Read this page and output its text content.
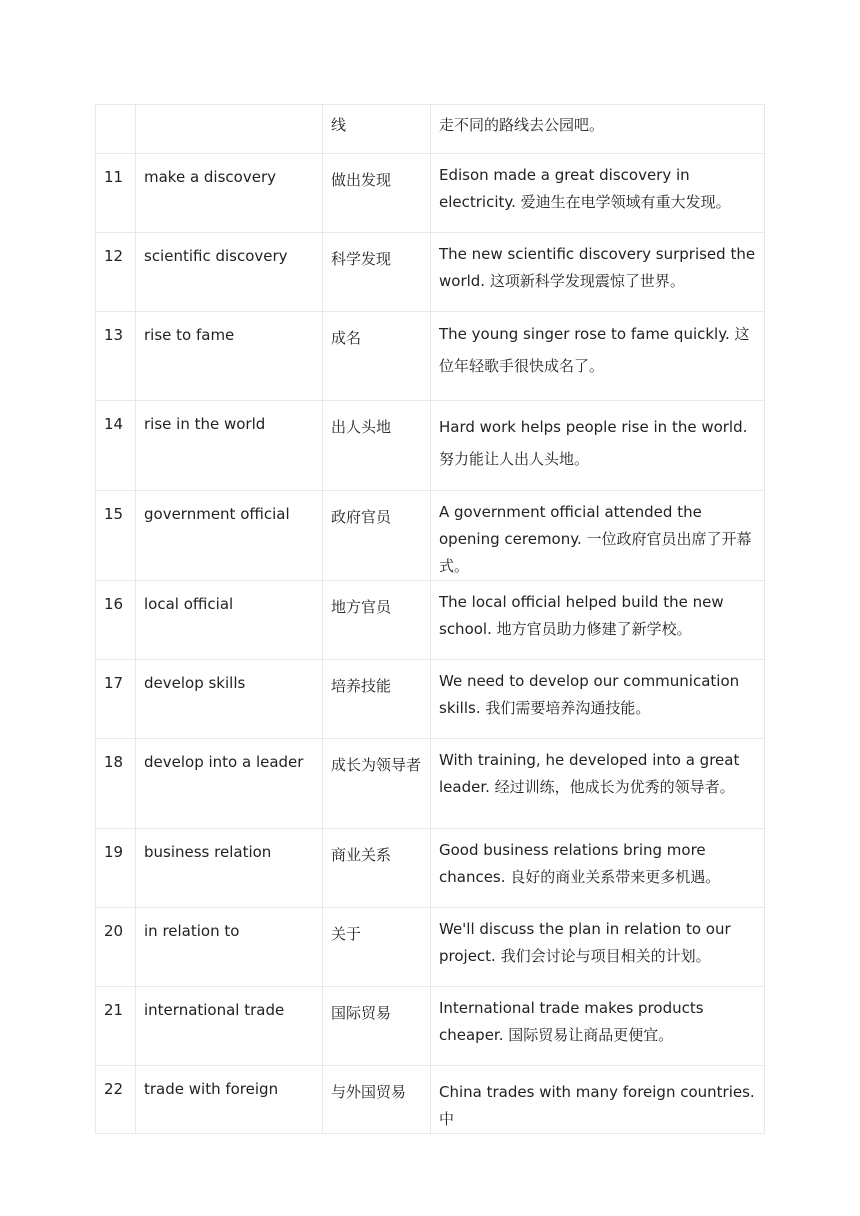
		线	走不同的路线去公园吧。
11	make a discovery	做出发现	Edison made a great discovery in electricity. 爱迪生在电学领域有重大发现。
12	scientific discovery	科学发现	The new scientific discovery surprised the world. 这项新科学发现震惊了世界。
13	rise to fame	成名	The young singer rose to fame quickly. 这位年轻歌手很快成名了。
14	rise in the world	出人头地	Hard work helps people rise in the world. 努力能让人出人头地。
15	government official	政府官员	A government official attended the opening ceremony. 一位政府官员出席了开幕式。
16	local official	地方官员	The local official helped build the new school. 地方官员助力修建了新学校。
17	develop skills	培养技能	We need to develop our communication skills. 我们需要培养沟通技能。
18	develop into a leader	成长为领导者	With training, he developed into a great leader. 经过训练，他成长为优秀的领导者。
19	business relation	商业关系	Good business relations bring more chances. 良好的商业关系带来更多机遇。
20	in relation to	关于	We'll discuss the plan in relation to our project. 我们会讨论与项目相关的计划。
21	international trade	国际贸易	International trade makes products cheaper. 国际贸易让商品更便宜。
22	trade with foreign	与外国贸易	China trades with many foreign countries. 中
